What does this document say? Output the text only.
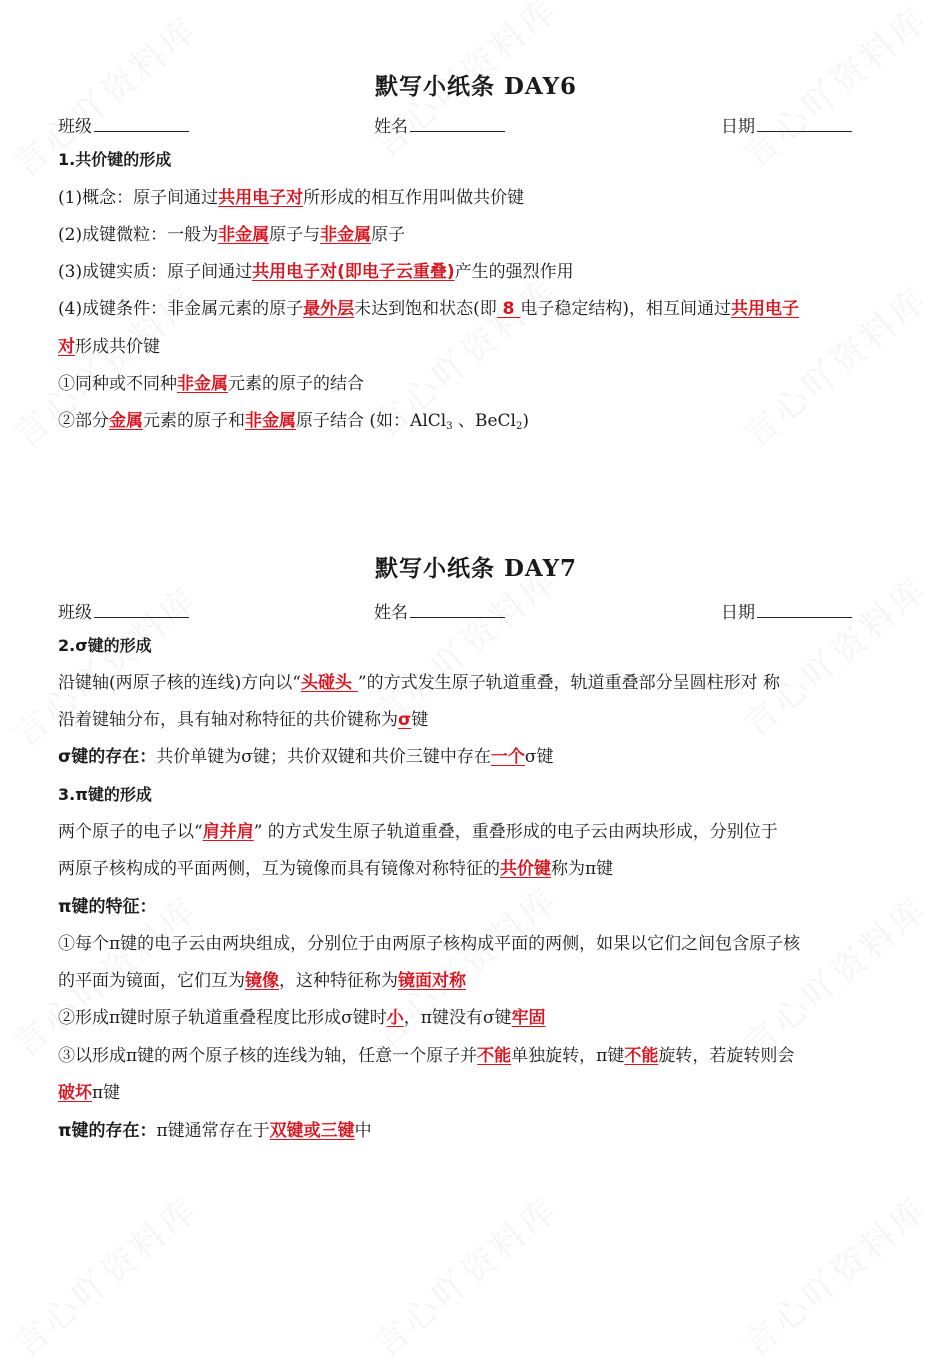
默写小纸条 DAY6
班级	姓名	日期
1.共价键的形成
(1)概念：原子间通过共用电子对所形成的相互作用叫做共价键
(2)成键微粒：一般为非金属原子与非金属原子
(3)成键实质：原子间通过共用电子对(即电子云重叠)产生的强烈作用
(4)成键条件：非金属元素的原子最外层未达到饱和状态(即 8 电子稳定结构)，相互间通过共用电子
对形成共价键
①同种或不同种非金属元素的原子的结合
②部分金属元素的原子和非金属原子结合 (如：AlCl$_3$ 、BeCl$_2$)
默写小纸条 DAY7
班级	姓名	日期
2.σ键的形成
沿键轴(两原子核的连线)方向以“头碰头 ”的方式发生原子轨道重叠，轨道重叠部分呈圆柱形对 称
沿着键轴分布，具有轴对称特征的共价键称为σ键
σ键的存在：共价单键为σ键；共价双键和共价三键中存在一个σ键
3.π键的形成
两个原子的电子以“肩并肩” 的方式发生原子轨道重叠，重叠形成的电子云由两块形成，分别位于
两原子核构成的平面两侧，互为镜像而具有镜像对称特征的共价键称为π键
π键的特征：
①每个π键的电子云由两块组成，分别位于由两原子核构成平面的两侧，如果以它们之间包含原子核
的平面为镜面，它们互为镜像，这种特征称为镜面对称
②形成π键时原子轨道重叠程度比形成σ键时小，π键没有σ键牢固
③以形成π键的两个原子核的连线为轴，任意一个原子并不能单独旋转，π键不能旋转，若旋转则会
破坏π键
π键的存在：π键通常存在于双键或三键中
